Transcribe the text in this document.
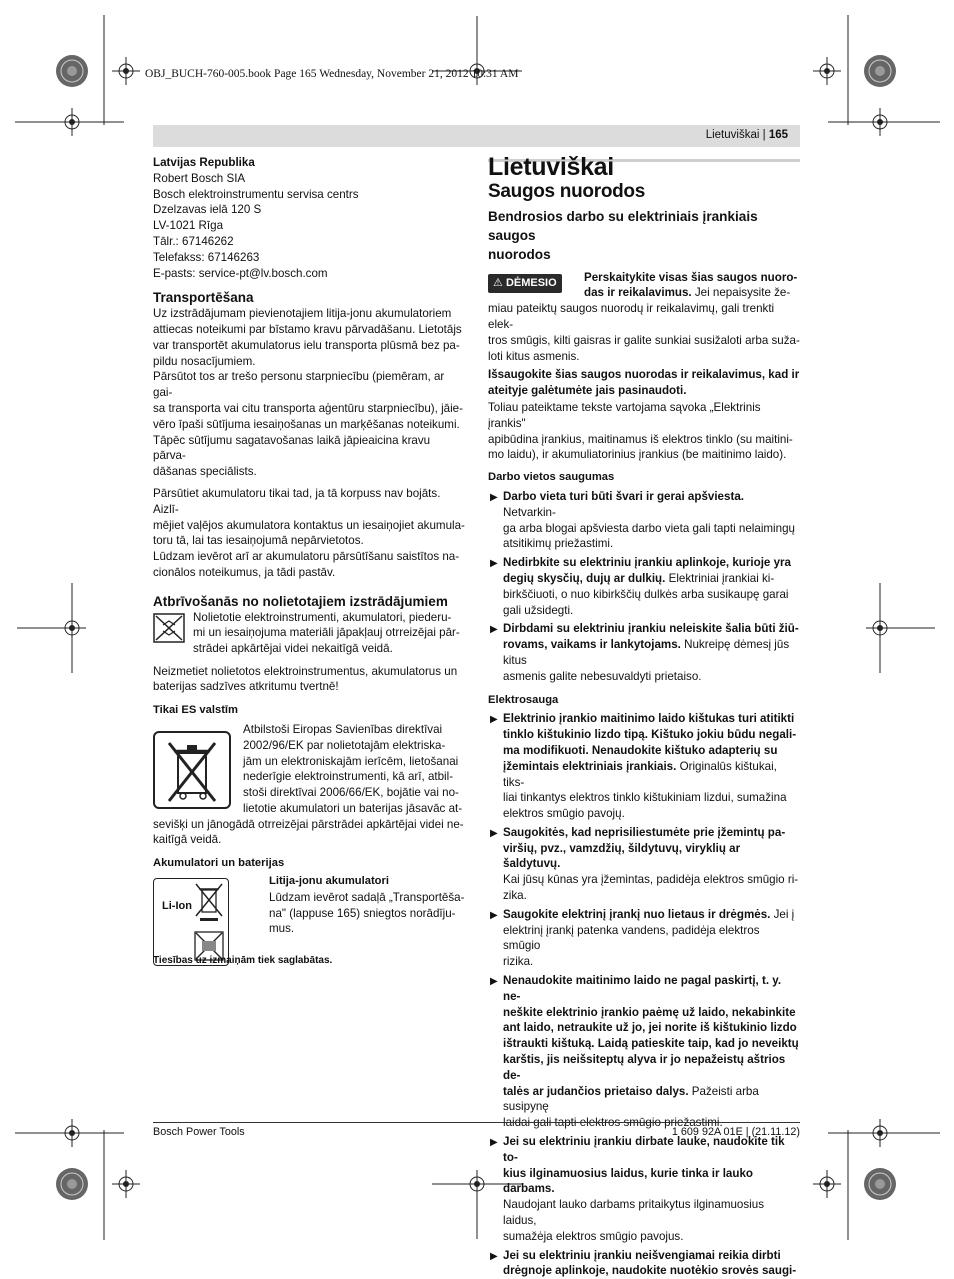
OBJ_BUCH-760-005.book Page 165 Wednesday, November 21, 2012 10:31 AM
Lietuviškai | 165

Latvijas Republika

Robert Bosch SIA

Bosch elektroinstrumentu servisa centrs

Dzelzavas ielā 120 S

LV-1021 Rīga

Tālr.: 67146262

Telefakss: 67146263

E-pasts: service-pt@lv.bosch.com

Transportēšana

Uz izstrādājumam pievienotajiem litija-jonu akumulatoriem

attiecas noteikumi par bīstamo kravu pārvadāšanu. Lietotājs

var transportēt akumulatorus ielu transporta plūsmā bez pa-

pildu nosacījumiem.

Pārsūtot tos ar trešo personu starpniecību (piemēram, ar gai-

sa transporta vai citu transporta aģentūru starpniecību), jāie-

vēro īpaši sūtījuma iesaiņošanas un marķēšanas noteikumi.

Tāpēc sūtījumu sagatavošanas laikā jāpieaicina kravu pārva-

dāšanas speciālists.

Pārsūtiet akumulatoru tikai tad, ja tā korpuss nav bojāts. Aizlī-

mējiet vaļējos akumulatora kontaktus un iesaiņojiet akumula-

toru tā, lai tas iesaiņojumā nepārvietotos.

Lūdzam ievērot arī ar akumulatoru pārsūtīšanu saistītos na-

cionālos noteikumus, ja tādi pastāv.

Atbrīvošanās no nolietotajiem izstrādājumiem

Nolietotie elektroinstrumenti, akumulatori, piederu-

mi un iesaiņojuma materiāli jāpakļauj otrreizējai pār-

strādei apkārtējai videi nekaitīgā veidā.

Neizmetiet nolietotos elektroinstrumentus, akumulatorus un

baterijas sadzīves atkritumu tvertnē!

Tikai ES valstīm

Atbilstoši Eiropas Savienības direktīvai

2002/96/EK par nolietotajām elektriska-

jām un elektroniskajām ierīcēm, lietošanai

nederīgie elektroinstrumenti, kā arī, atbil-

stoši direktīvai 2006/66/EK, bojātie vai no-

lietotie akumulatori un baterijas jāsavāc at-

sevišķi un jānogādā otrreizējai pārstrādei apkārtējai videi ne-

kaitīgā veidā.

Akumulatori un baterijas

Li-Ion

Litija-jonu akumulatori

Lūdzam ievērot sadaļā „Transportēša-

na" (lappuse 165) sniegtos norādīju-

mus.

Tiesības uz izmaiņām tiek saglabātas.

Lietuviškai
Saugos nuorodos
Bendrosios darbo su elektriniais įrankiais saugos
nuorodos
⚠ DĖMESIO	Perskaitykite visas šias saugos nuoro-

das ir reikalavimus. Jei nepaisysite že-

miau pateiktų saugos nuorodų ir reikalavimų, gali trenkti elek-

tros smūgis, kilti gaisras ir galite sunkiai susižaloti arba suža-

loti kitus asmenis.

Išsaugokite šias saugos nuorodas ir reikalavimus, kad ir

ateityje galėtumėte jais pasinaudoti.

Toliau pateiktame tekste vartojama sąvoka „Elektrinis įrankis"

apibūdina įrankius, maitinamus iš elektros tinklo (su maitini-

mo laidu), ir akumuliatorinius įrankius (be maitinimo laido).

Darbo vietos saugumas

▶ Darbo vieta turi būti švari ir gerai apšviesta. Netvarkin-

ga arba blogai apšviesta darbo vieta gali tapti nelaimingų

atsitikimų priežastimi.

▶ Nedirbkite su elektriniu įrankiu aplinkoje, kurioje yra

degių skysčių, dujų ar dulkių. Elektriniai įrankiai ki-

birkščiuoti, o nuo kibirkščių dulkės arba susikaupę garai

gali užsidegti.

▶ Dirbdami su elektriniu įrankiu neleiskite šalia būti žiū-

rovams, vaikams ir lankytojams. Nukreipę dėmesį jūs kitus

asmenis galite nebesuvaldyti prietaiso.

Elektrosauga

▶ Elektrinio įrankio maitinimo laido kištukas turi atitikti

tinklo kištukinio lizdo tipą. Kištuko jokiu būdu negali-

ma modifikuoti. Nenaudokite kištuko adapterių su

įžemintais elektriniais įrankiais. Originalūs kištukai, tiks-

liai tinkantys elektros tinklo kištukiniam lizdui, sumažina

elektros smūgio pavojų.

▶ Saugokitės, kad neprisiliestumėte prie įžemintų pa-

viršių, pvz., vamzdžių, šildytuvų, viryklių ar šaldytuvų.

Kai jūsų kūnas yra įžemintas, padidėja elektros smūgio ri-

zika.

▶ Saugokite elektrinį įrankį nuo lietaus ir drėgmės. Jei į

elektrinį įrankį patenka vandens, padidėja elektros smūgio

rizika.

▶ Nenaudokite maitinimo laido ne pagal paskirtį, t. y. ne-

neškite elektrinio įrankio paėmę už laido, nekabinkite

ant laido, netraukite už jo, jei norite iš kištukinio lizdo

ištraukti kištuką. Laidą patieskite taip, kad jo neveiktų

karštis, jis neišsiteptų alyva ir jo nepažeistų aštrios de-

talės ar judančios prietaiso dalys. Pažeisti arba susipynę

laidai gali tapti elektros smūgio priežastimi.

▶ Jei su elektriniu įrankiu dirbate lauke, naudokite tik to-

kius ilginamuosius laidus, kurie tinka ir lauko darbams.

Naudojant lauko darbams pritaikytus ilginamuosius laidus,

sumažėja elektros smūgio pavojus.

▶ Jei su elektriniu įrankiu neišvengiamai reikia dirbti

drėgnoje aplinkoje, naudokite nuotėkio srovės saugi-

Bosch Power Tools	1 609 92A 01E | (21.11.12)
